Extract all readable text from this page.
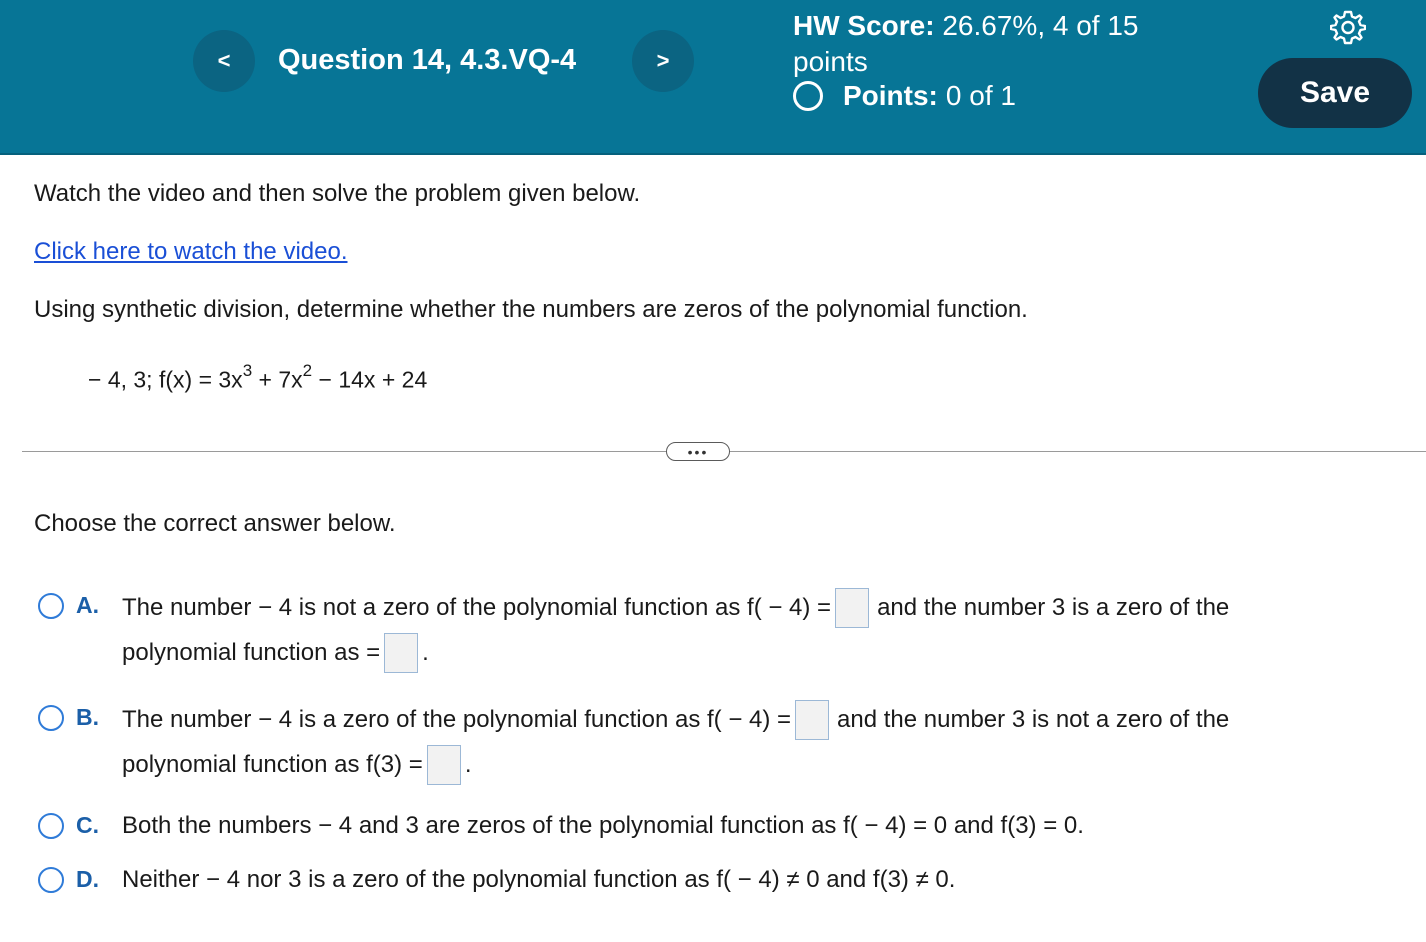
<	Question 14, 4.3.VQ-4	>
HW Score: 26.67%, 4 of 15 points
Points: 0 of 1	Save
Watch the video and then solve the problem given below.
Click here to watch the video.
Using synthetic division, determine whether the numbers are zeros of the polynomial function.
− 4, 3; $f(x) = 3x^3 + 7x^2 - 14x + 24$
•••
Choose the correct answer below.
A. The number − 4 is not a zero of the polynomial function as f( − 4) = and the number 3 is a zero of the
polynomial function as = .
B. The number − 4 is a zero of the polynomial function as f( − 4) = and the number 3 is not a zero of the
polynomial function as f(3) = .
C. Both the numbers − 4 and 3 are zeros of the polynomial function as f( − 4) = 0 and f(3) = 0.
D. Neither − 4 nor 3 is a zero of the polynomial function as f( − 4) ≠ 0 and f(3) ≠ 0.
